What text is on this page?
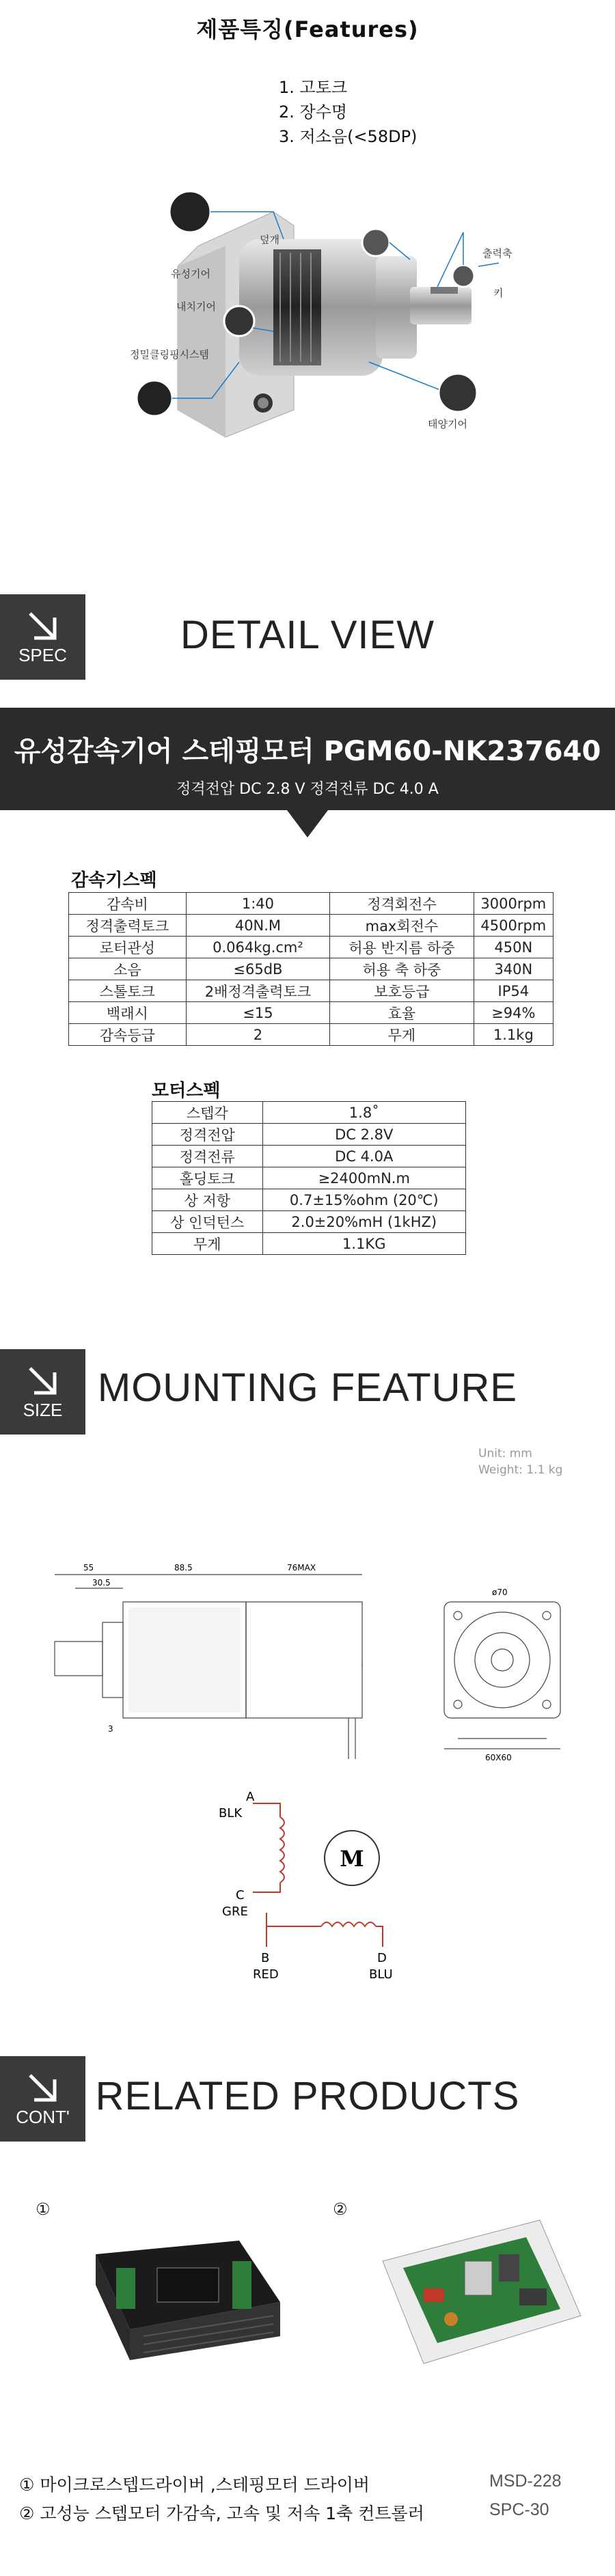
제품특징(Features)
1. 고토크
2. 장수명
3. 저소음(<58DP)
덮개
유성기어
내치기어
정밀클링핑시스템
출력축
키
태양기어
SPEC	DETAIL VIEW
유성감속기어 스테핑모터 PGM60-NK237640
정격전압 DC 2.8 V 정격전류 DC 4.0 A
감속기스펙
감속비	1:40	정격회전수	3000rpm
정격출력토크	40N.M	max회전수	4500rpm
로터관성	0.064kg.cm²	허용 반지름 하중	450N
소음	≤65dB	허용 축 하중	340N
스톨토크	2배정격출력토크	보호등급	IP54
백래시	≤15	효율	≥94%
감속등급	2	무게	1.1kg
모터스펙
스텝각	1.8˚
정격전압	DC 2.8V
정격전류	DC 4.0A
홀딩토크	≥2400mN.m
상 저항	0.7±15%ohm (20℃)
상 인덕턴스	2.0±20%mH (1kHZ)
무게	1.1KG
SIZE MOUNTING FEATURE
Unit: mm
Weight: 1.1 kg
55
30.5
88.5	76MAX
3
ø70
60X60
M
A
BLK
C
GRE
B
RED
D
BLU
CONT' RELATED PRODUCTS
①	②
① 마이크로스텝드라이버 ,스테핑모터 드라이버	MSD-228
② 고성능 스텝모터 가감속, 고속 및 저속 1축 컨트롤러	SPC-30
